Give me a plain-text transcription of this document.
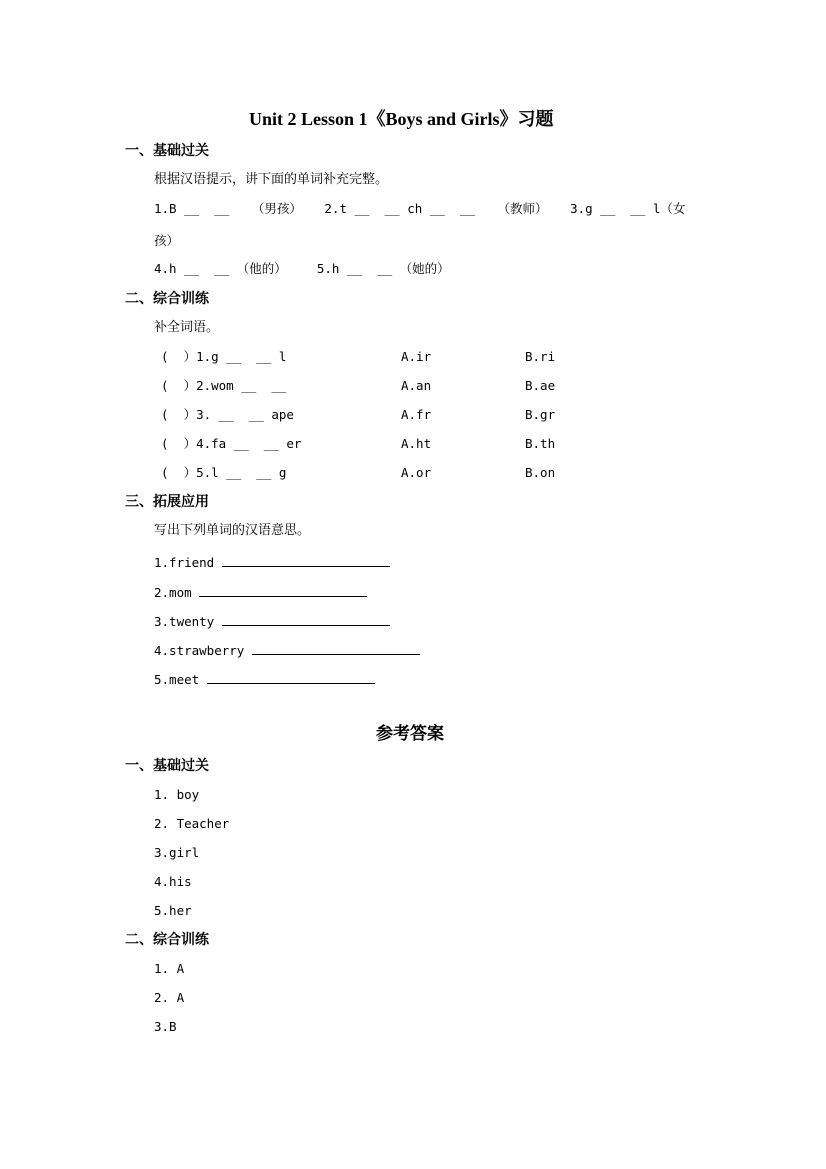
Unit 2 Lesson 1《Boys and Girls》习题
一、基础过关
根据汉语提示，讲下面的单词补充完整。
1.B __  __   （男孩）   2.t __  __ ch __  __   （教师）   3.g __  __ l（女
孩）
4.h __  __ （他的）    5.h __  __ （她的）
二、综合训练
补全词语。
(  ）1.g __  __ l	A.ir	B.ri
(  ）2.wom __  __	A.an	B.ae
(  ）3. __  __ ape	A.fr	B.gr
(  ）4.fa __  __ er	A.ht	B.th
(  ）5.l __  __ g	A.or	B.on
三、拓展应用
写出下列单词的汉语意思。
1.friend
2.mom
3.twenty
4.strawberry
5.meet
参考答案
一、基础过关
1. boy
2. Teacher
3.girl
4.his
5.her
二、综合训练
1. A
2. A
3.B
